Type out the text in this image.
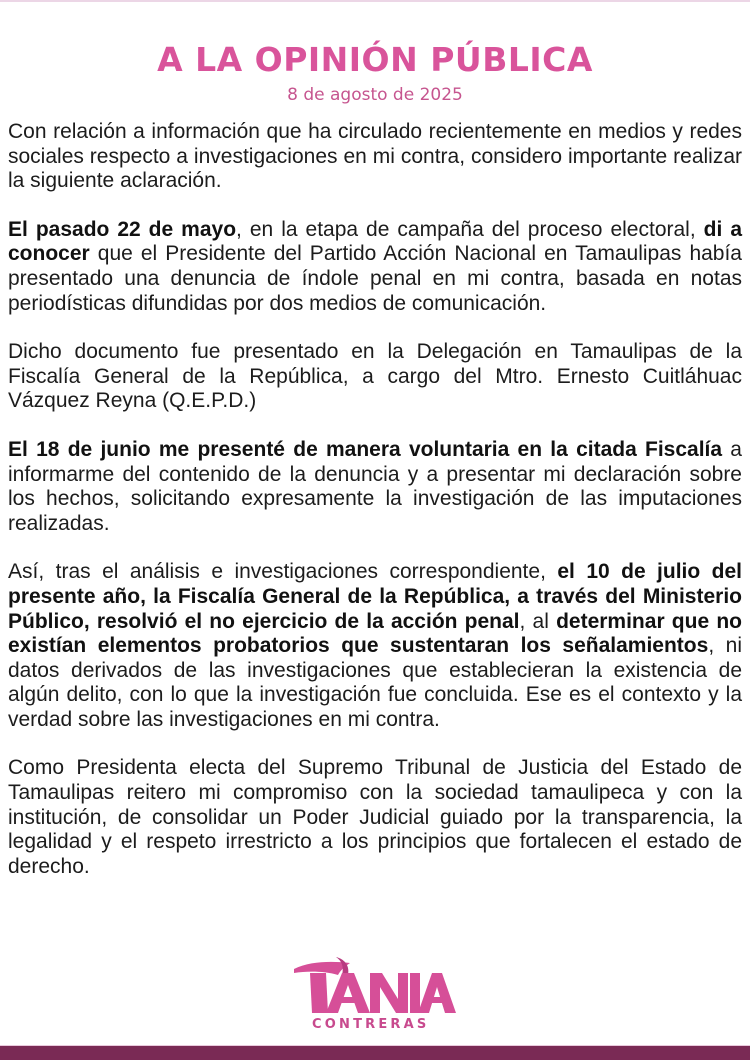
A LA OPINIÓN PÚBLICA
8 de agosto de 2025

Con relación a información que ha circulado recientemente en medios y redes sociales respecto a investigaciones en mi contra, considero importante realizar la siguiente aclaración.

El pasado 22 de mayo, en la etapa de campaña del proceso electoral, di a conocer que el Presidente del Partido Acción Nacional en Tamaulipas había presentado una denuncia de índole penal en mi contra, basada en notas periodísticas difundidas por dos medios de comunicación.

Dicho documento fue presentado en la Delegación en Tamaulipas de la Fiscalía General de la República, a cargo del Mtro. Ernesto Cuitláhuac Vázquez Reyna (Q.E.P.D.)

El 18 de junio me presenté de manera voluntaria en la citada Fiscalía a informarme del contenido de la denuncia y a presentar mi declaración sobre los hechos, solicitando expresamente la investigación de las imputaciones realizadas.

Así, tras el análisis e investigaciones correspondiente, el 10 de julio del presente año, la Fiscalía General de la República, a través del Ministerio Público, resolvió el no ejercicio de la acción penal, al determinar que no existían elementos probatorios que sustentaran los señalamientos, ni datos derivados de las investigaciones que establecieran la existencia de algún delito, con lo que la investigación fue concluida. Ese es el contexto y la verdad sobre las investigaciones en mi contra.

Como Presidenta electa del Supremo Tribunal de Justicia del Estado de Tamaulipas reitero mi compromiso con la sociedad tamaulipeca y con la institución, de consolidar un Poder Judicial guiado por la transparencia, la legalidad y el respeto irrestricto a los principios que fortalecen el estado de derecho.

CONTRERAS
